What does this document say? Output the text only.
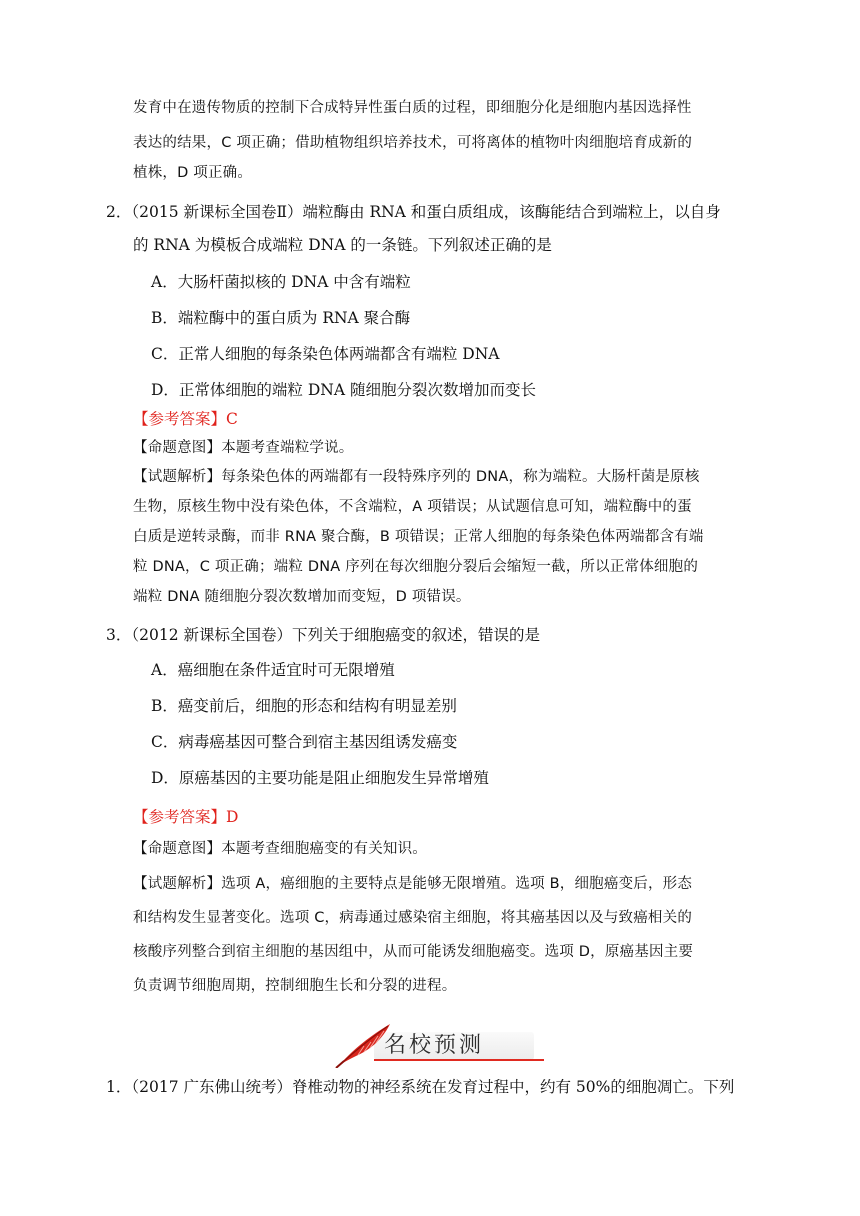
发育中在遗传物质的控制下合成特异性蛋白质的过程，即细胞分化是细胞内基因选择性
表达的结果，C 项正确；借助植物组织培养技术，可将离体的植物叶肉细胞培育成新的
植株，D 项正确。
2．（2015 新课标全国卷Ⅱ）端粒酶由 RNA 和蛋白质组成，该酶能结合到端粒上，以自身
的 RNA 为模板合成端粒 DNA 的一条链。下列叙述正确的是
A．大肠杆菌拟核的 DNA 中含有端粒
B．端粒酶中的蛋白质为 RNA 聚合酶
C．正常人细胞的每条染色体两端都含有端粒 DNA
D．正常体细胞的端粒 DNA 随细胞分裂次数增加而变长
【参考答案】C
【命题意图】本题考查端粒学说。
【试题解析】每条染色体的两端都有一段特殊序列的 DNA，称为端粒。大肠杆菌是原核
生物，原核生物中没有染色体，不含端粒，A 项错误；从试题信息可知，端粒酶中的蛋
白质是逆转录酶，而非 RNA 聚合酶，B 项错误；正常人细胞的每条染色体两端都含有端
粒 DNA，C 项正确；端粒 DNA 序列在每次细胞分裂后会缩短一截，所以正常体细胞的
端粒 DNA 随细胞分裂次数增加而变短，D 项错误。
3．（2012 新课标全国卷）下列关于细胞癌变的叙述，错误的是
A．癌细胞在条件适宜时可无限增殖
B．癌变前后，细胞的形态和结构有明显差别
C．病毒癌基因可整合到宿主基因组诱发癌变
D．原癌基因的主要功能是阻止细胞发生异常增殖
【参考答案】D
【命题意图】本题考查细胞癌变的有关知识。
【试题解析】选项 A，癌细胞的主要特点是能够无限增殖。选项 B，细胞癌变后，形态
和结构发生显著变化。选项 C，病毒通过感染宿主细胞，将其癌基因以及与致癌相关的
核酸序列整合到宿主细胞的基因组中，从而可能诱发细胞癌变。选项 D，原癌基因主要
负责调节细胞周期，控制细胞生长和分裂的进程。
名校预测
1．（2017 广东佛山统考）脊椎动物的神经系统在发育过程中，约有 50%的细胞凋亡。下列
